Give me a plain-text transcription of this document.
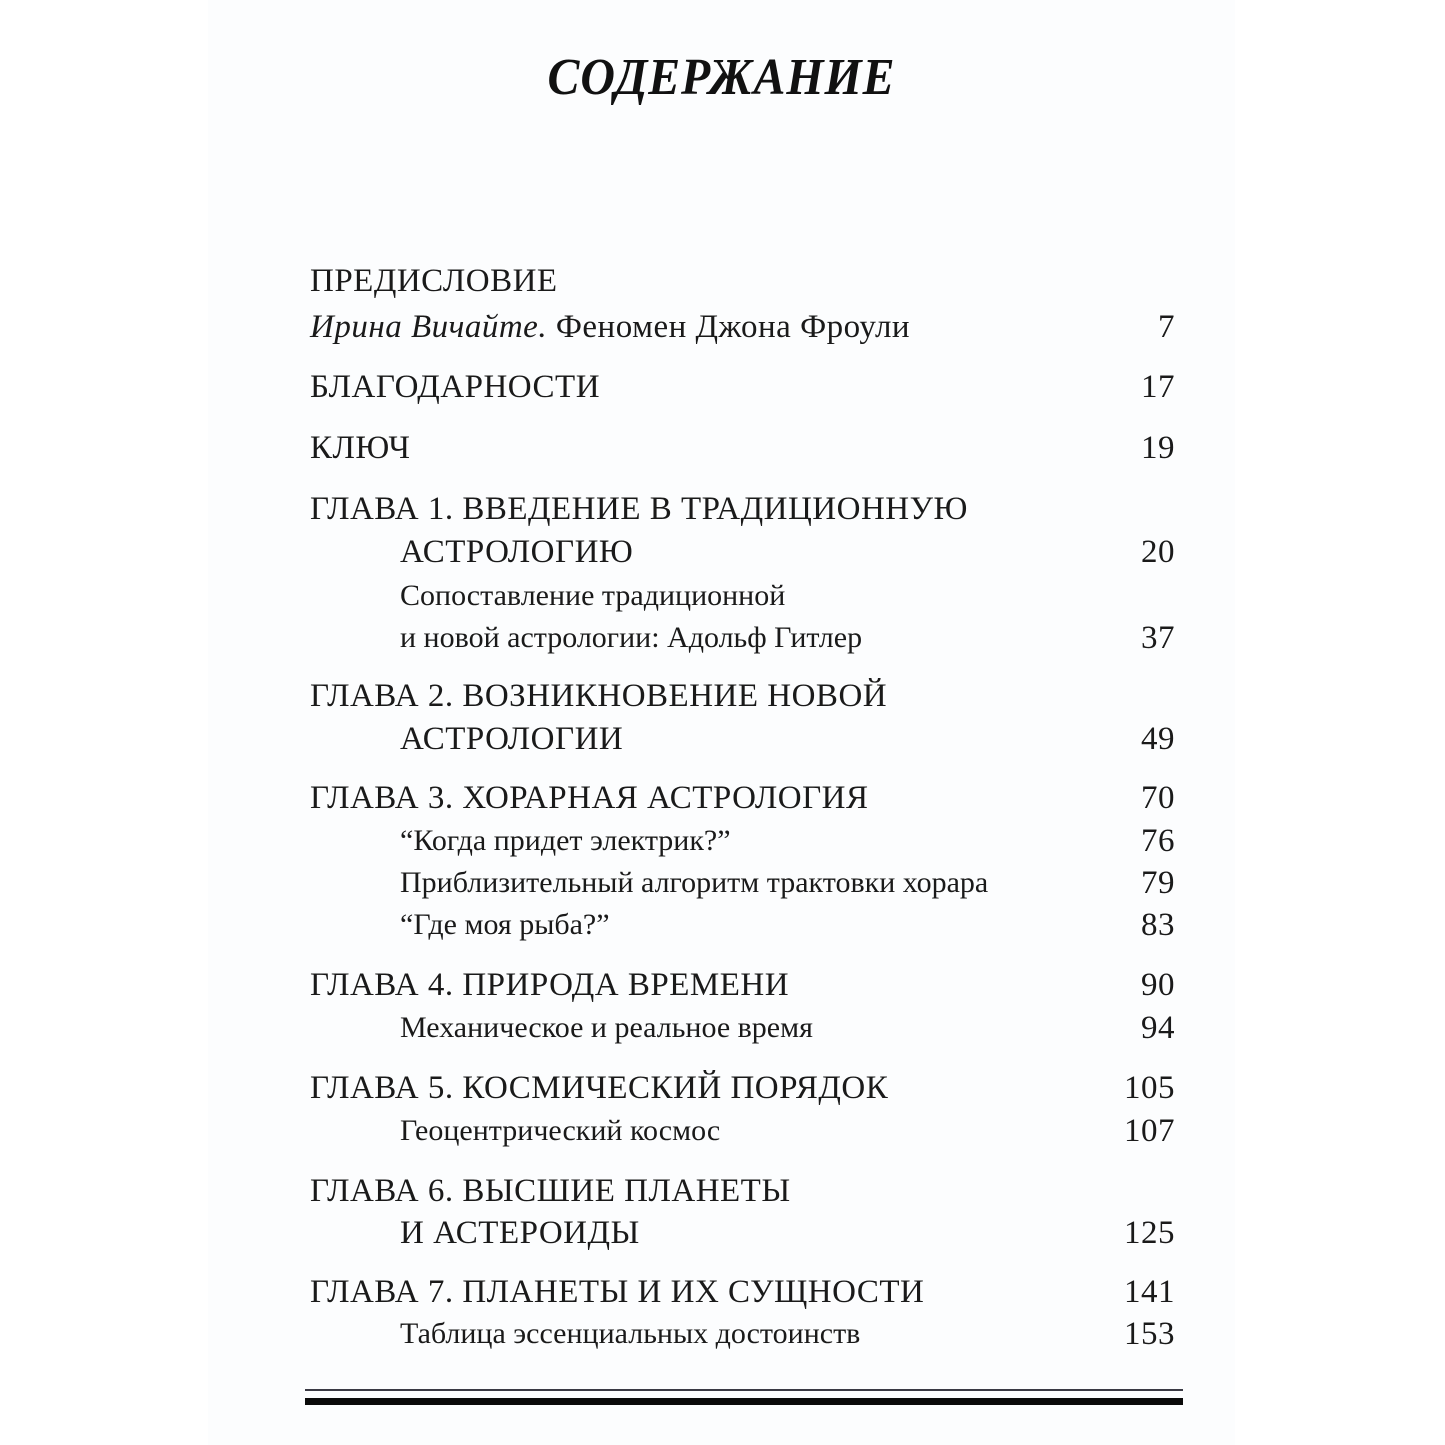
СОДЕРЖАНИЕ
ПРЕДИСЛОВИЕ
Ирина Вичайте. Феномен Джона Фроули	7
БЛАГОДАРНОСТИ	17
КЛЮЧ	19
ГЛАВА 1. ВВЕДЕНИЕ В ТРАДИЦИОННУЮ
АСТРОЛОГИЮ	20
Сопоставление традиционной
и новой астрологии: Адольф Гитлер	37
ГЛАВА 2. ВОЗНИКНОВЕНИЕ НОВОЙ
АСТРОЛОГИИ	49
ГЛАВА 3. ХОРАРНАЯ АСТРОЛОГИЯ	70
“Когда придет электрик?”	76
Приблизительный алгоритм трактовки хорара	79
“Где моя рыба?”	83
ГЛАВА 4. ПРИРОДА ВРЕМЕНИ	90
Механическое и реальное время	94
ГЛАВА 5. КОСМИЧЕСКИЙ ПОРЯДОК	105
Геоцентрический космос	107
ГЛАВА 6. ВЫСШИЕ ПЛАНЕТЫ
И АСТЕРОИДЫ	125
ГЛАВА 7. ПЛАНЕТЫ И ИХ СУЩНОСТИ	141
Таблица эссенциальных достоинств	153
